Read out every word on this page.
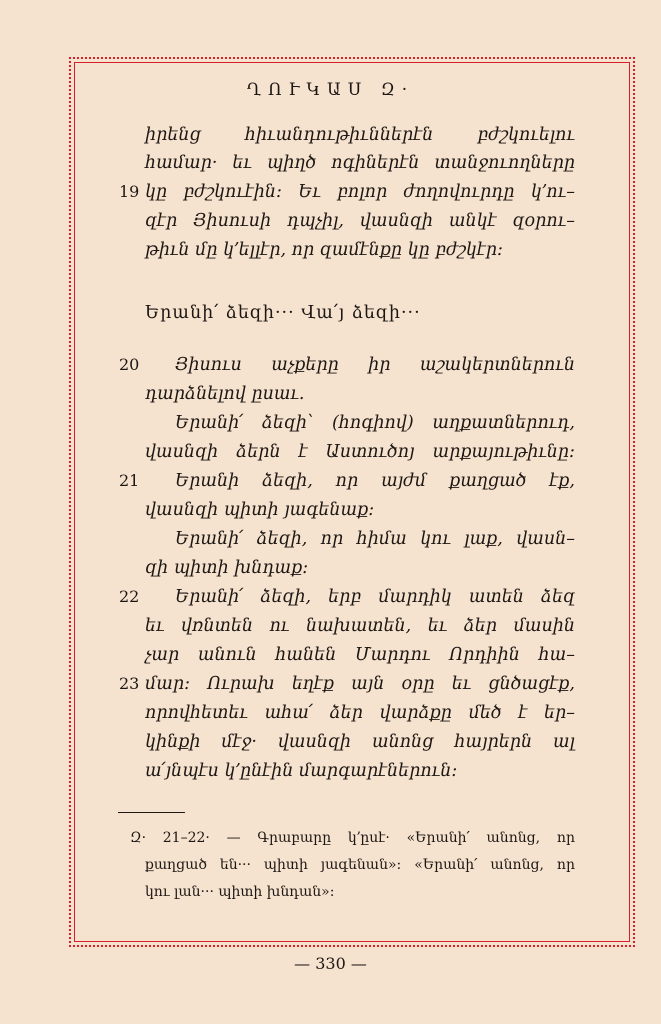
ՂՈՒԿԱՍ Զ·
իրենց հիւանդութիւններէն բժշկուելու
համար· եւ պիղծ ոգիներէն տանջուողները
19 կը բժշկուէին։ Եւ բոլոր ժողովուրդը կ՚ու–
զէր Յիսուսի դպչիլ, վասնզի անկէ զօրու–
թիւն մը կ՚ելլէր, որ զամէնքը կը բժշկէր։
Երանի՛ ձեզի··· Վա՛յ ձեզի···
20 Յիսուս աչքերը իր աշակերտներուն
դարձնելով ըսաւ.
Երանի՛ ձեզի՝ (հոգիով) աղքատներուդ,
վասնզի ձերն է Աստուծոյ արքայութիւնը։
21 Երանի ձեզի, որ այժմ քաղցած էք,
վասնզի պիտի յագենաք։
Երանի՛ ձեզի, որ հիմա կու լաք, վասն–
զի պիտի խնդաք։
22 Երանի՛ ձեզի, երբ մարդիկ ատեն ձեզ
եւ վռնտեն ու նախատեն, եւ ձեր մասին
չար անուն հանեն Մարդու Որդիին հա–
23 մար։ Ուրախ եղէք այն օրը եւ ցնծացէք,
որովհետեւ ահա՛ ձեր վարձքը մեծ է եր–
կինքի մէջ· վասնզի անոնց հայրերն ալ
ա՛յնպէս կ՚ընէին մարգարէներուն։
Զ· 21–22· — Գրաբարը կ՚ըսէ· «Երանի՛ անոնց, որ
քաղցած են··· պիտի յագենան»։ «Երանի՛ անոնց, որ
կու լան··· պիտի խնդան»։
— 330 —
